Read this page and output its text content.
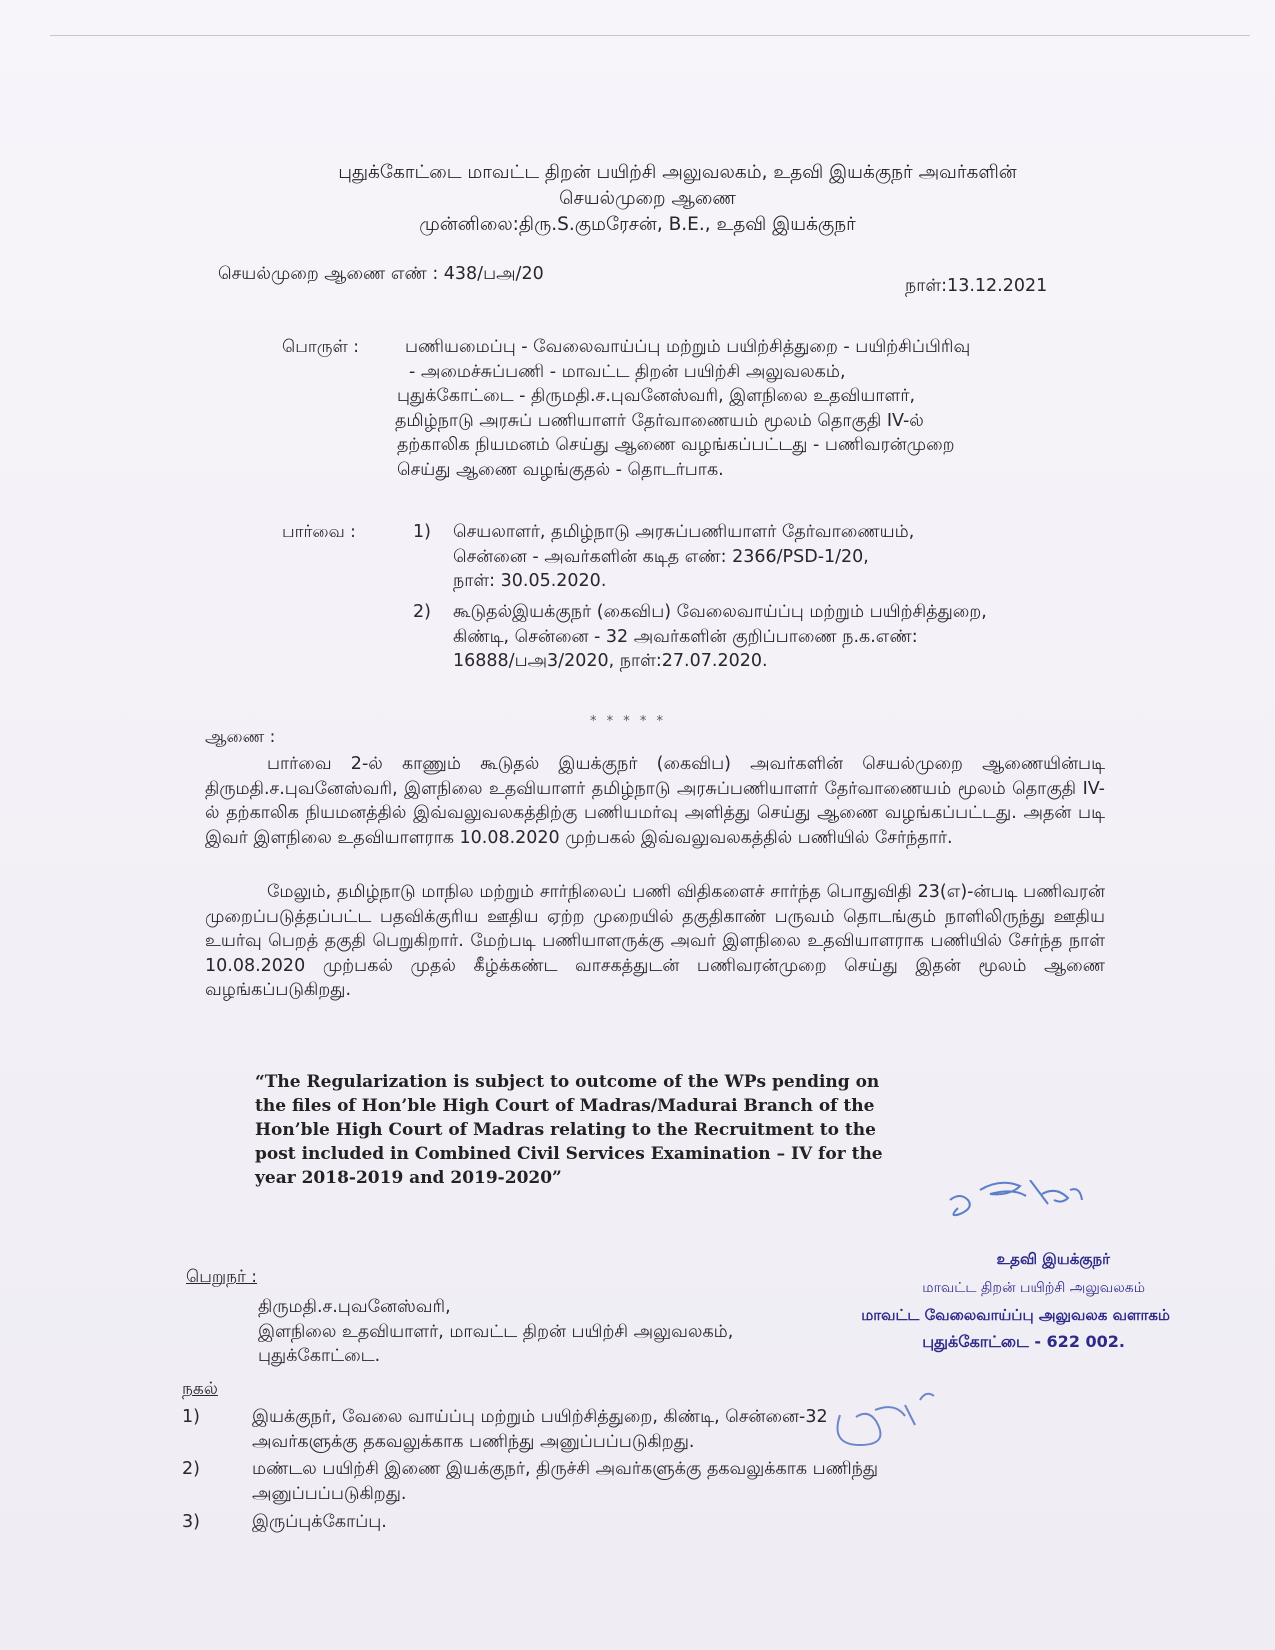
புதுக்கோட்டை மாவட்ட திறன் பயிற்சி அலுவலகம், உதவி இயக்குநர் அவர்களின்
செயல்முறை ஆணை
முன்னிலை:திரு.S.குமரேசன், B.E., உதவி இயக்குநர்
செயல்முறை ஆணை எண் : 438/பஅ/20
நாள்:13.12.2021
பொருள் :	பணியமைப்பு - வேலைவாய்ப்பு மற்றும் பயிற்சித்துறை - பயிற்சிப்பிரிவு
- அமைச்சுப்பணி - மாவட்ட திறன் பயிற்சி அலுவலகம்,
புதுக்கோட்டை - திருமதி.ச.புவனேஸ்வரி, இளநிலை உதவியாளர்,
தமிழ்நாடு அரசுப் பணியாளர் தேர்வாணையம் மூலம் தொகுதி IV-ல்
தற்காலிக நியமனம் செய்து ஆணை வழங்கப்பட்டது - பணிவரன்முறை
செய்து ஆணை வழங்குதல் - தொடர்பாக.
பார்வை :	1) செயலாளர், தமிழ்நாடு அரசுப்பணியாளர் தேர்வாணையம்,
சென்னை - அவர்களின் கடித எண்: 2366/PSD-1/20,
நாள்: 30.05.2020.
2) கூடுதல்இயக்குநர் (கைவிப) வேலைவாய்ப்பு மற்றும் பயிற்சித்துறை,
கிண்டி, சென்னை - 32 அவர்களின் குறிப்பாணை ந.க.எண்:
16888/பஅ3/2020, நாள்:27.07.2020.
* * * * *
ஆணை :
பார்வை 2-ல் காணும் கூடுதல் இயக்குநர் (கைவிப) அவர்களின் செயல்முறை ஆணையின்படி திருமதி.ச.புவனேஸ்வரி, இளநிலை உதவியாளர் தமிழ்நாடு அரசுப்பணியாளர் தேர்வாணையம் மூலம் தொகுதி IV-ல் தற்காலிக நியமனத்தில் இவ்வலுவலகத்திற்கு பணியமர்வு அளித்து செய்து ஆணை வழங்கப்பட்டது. அதன் படி இவர் இளநிலை உதவியாளராக 10.08.2020 முற்பகல் இவ்வலுவலகத்தில் பணியில் சேர்ந்தார்.
மேலும், தமிழ்நாடு மாநில மற்றும் சார்நிலைப் பணி விதிகளைச் சார்ந்த பொதுவிதி 23(எ)-ன்படி பணிவரன் முறைப்படுத்தப்பட்ட பதவிக்குரிய ஊதிய ஏற்ற முறையில் தகுதிகாண் பருவம் தொடங்கும் நாளிலிருந்து ஊதிய உயர்வு பெறத் தகுதி பெறுகிறார். மேற்படி பணியாளருக்கு அவர் இளநிலை உதவியாளராக பணியில் சேர்ந்த நாள் 10.08.2020 முற்பகல் முதல் கீழ்க்கண்ட வாசகத்துடன் பணிவரன்முறை செய்து இதன் மூலம் ஆணை வழங்கப்படுகிறது.
“The Regularization is subject to outcome of the WPs pending on the files of Hon’ble High Court of Madras/Madurai Branch of the Hon’ble High Court of Madras relating to the Recruitment to the post included in Combined Civil Services Examination – IV for the year 2018-2019 and 2019-2020”
உதவி இயக்குநர்
மாவட்ட திறன் பயிற்சி அலுவலகம்
மாவட்ட வேலைவாய்ப்பு அலுவலக வளாகம்
புதுக்கோட்டை - 622 002.
பெறுநர் :
திருமதி.ச.புவனேஸ்வரி,
இளநிலை உதவியாளர், மாவட்ட திறன் பயிற்சி அலுவலகம்,
புதுக்கோட்டை.
நகல்
1)	இயக்குநர், வேலை வாய்ப்பு மற்றும் பயிற்சித்துறை, கிண்டி, சென்னை-32
அவர்களுக்கு தகவலுக்காக பணிந்து அனுப்பப்படுகிறது.
2)	மண்டல பயிற்சி இணை இயக்குநர், திருச்சி அவர்களுக்கு தகவலுக்காக பணிந்து
அனுப்பப்படுகிறது.
3)	இருப்புக்கோப்பு.
